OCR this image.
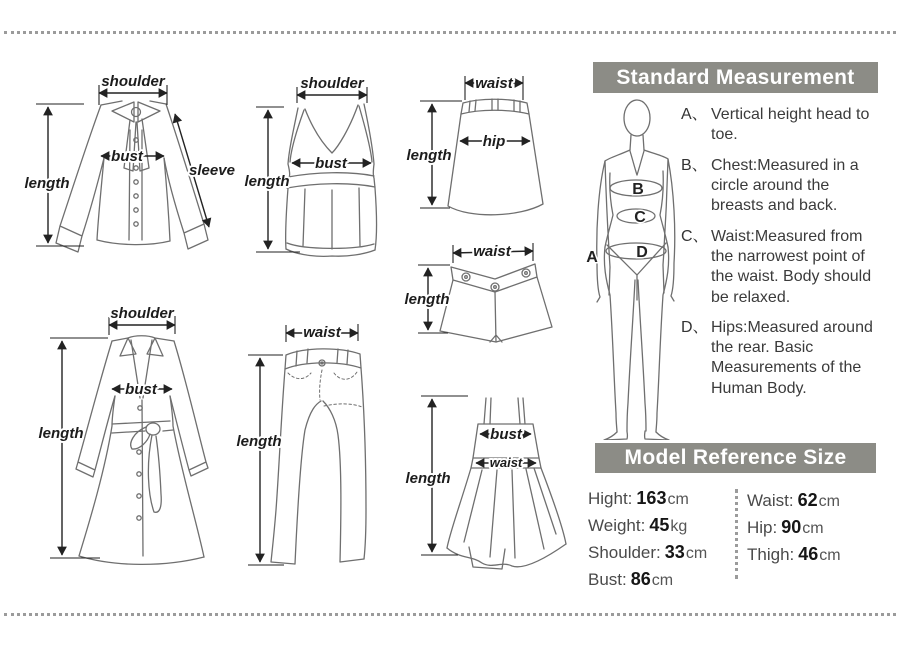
shoulder
length
bust
sleeve
shoulder
length
bust
waist
hip
length
waist
length
shoulder
length
bust
waist
length	bust
waist
length
Standard Measurement
A
B
C
D
A、 Vertical height head to toe.
B、 Chest:Measured in a circle around the breasts and back.
C、 Waist:Measured from the narrowest point of the waist. Body should be relaxed.
D、 Hips:Measured around the rear. Basic Measurements of the Human Body.
Model Reference Size
Hight: 163cm
Weight: 45kg
Shoulder: 33cm
Bust: 86cm
Waist: 62cm
Hip: 90cm
Thigh: 46cm
